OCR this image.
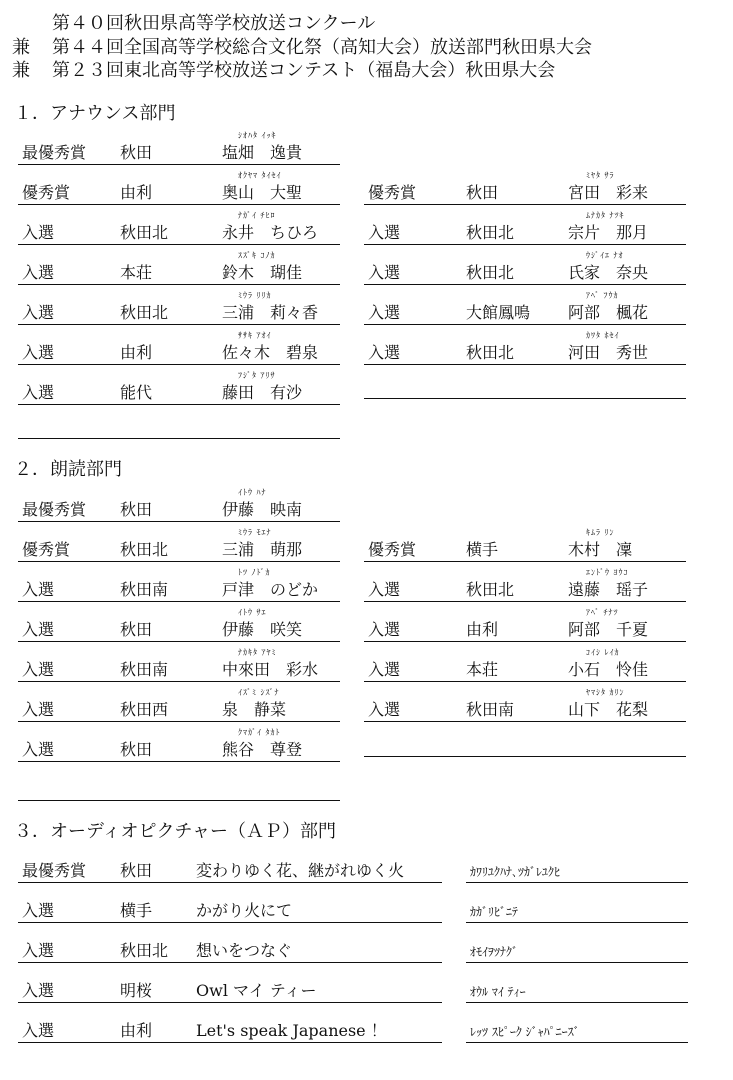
第４０回秋田県高等学校放送コンクール
兼 第４４回全国高等学校総合文化祭（高知大会）放送部門秋田県大会
兼 第２３回東北高等学校放送コンテスト（福島大会）秋田県大会
１．アナウンス部門
２．朗読部門
３．オーディオピクチャー（ＡＰ）部門
ｼｵﾊﾀ ｲｯｷ
最優秀賞 秋田	塩畑　逸貴
ｵｸﾔﾏ ﾀｲｾｲ
優秀賞	由利	奥山　大聖
ﾅｶﾞｲ ﾁﾋﾛ
入選	秋田北	永井　ちひろ
ｽｽﾞｷ ｺﾉｶ
入選	本荘	鈴木　瑚佳
ﾐｳﾗ ﾘﾘｶ
入選	秋田北	三浦　莉々香
ｻｻｷ ｱｵｲ
入選	由利	佐々木　碧泉
ﾌｼﾞﾀ ｱﾘｻ
入選	能代	藤田　有沙
ﾐﾔﾀ ｻﾗ
優秀賞	秋田	宮田　彩来
ﾑﾅｶﾀ ﾅﾂｷ
入選	秋田北	宗片　那月
ｳｼﾞｲｴ ﾅｵ
入選	秋田北	氏家　奈央
ｱﾍﾞ ﾌｳｶ
入選	大館鳳鳴 阿部　楓花
ｶﾜﾀ ﾎｾｲ
入選	秋田北	河田　秀世
ｲﾄｳ ﾊﾅ
最優秀賞 秋田	伊藤　映南
ﾐｳﾗ ﾓｴﾅ
優秀賞	秋田北	三浦　萌那
ﾄﾂ ﾉﾄﾞｶ
入選	秋田南	戸津　のどか
ｲﾄｳ ｻｴ
入選	秋田	伊藤　咲笑
ﾅｶｷﾀ ｱﾔﾐ
入選	秋田南	中來田　彩水
ｲｽﾞﾐ ｼｽﾞﾅ
入選	秋田西	泉　静菜
ｸﾏｶﾞｲ ﾀｶﾄ
入選	秋田	熊谷　尊登
ｷﾑﾗ ﾘﾝ
優秀賞	横手	木村　凜
ｴﾝﾄﾞｳ ﾖｳｺ
入選	秋田北	遠藤　瑶子
ｱﾍﾞ ﾁﾅﾂ
入選	由利	阿部　千夏
ｺｲｼ ﾚｲｶ
入選	本荘	小石　怜佳
ﾔﾏｼﾀ ｶﾘﾝ
入選	秋田南	山下　花梨
最優秀賞 秋田	変わりゆく花、継がれゆく火	ｶﾜﾘﾕｸﾊﾅ､ﾂｶﾞﾚﾕｸﾋ
入選	横手	かがり火にて	ｶｶﾞﾘﾋﾞﾆﾃ
入選	秋田北 想いをつなぐ	ｵﾓｲｦﾂﾅｸﾞ
入選	明桜	Owl マイ ティー	ｵｳﾙ ﾏｲ ﾃｨｰ
入選	由利	Let's speak Japanese ！	ﾚｯﾂ ｽﾋﾟｰｸ ｼﾞｬﾊﾟﾆｰｽﾞ
